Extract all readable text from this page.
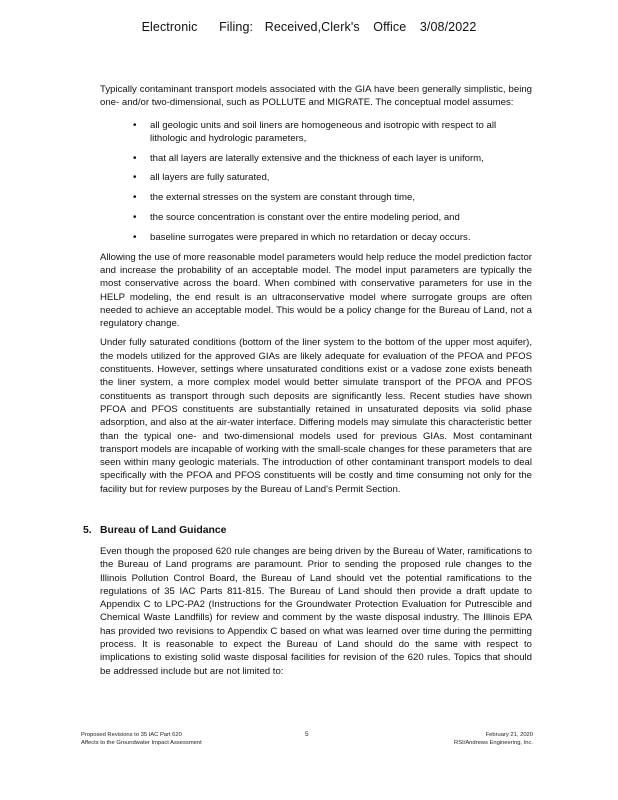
Electronic Filing: Received,Clerk's Office 3/08/2022

Typically contaminant transport models associated with the GIA have been generally simplistic, being one- and/or two-dimensional, such as POLLUTE and MIGRATE. The conceptual model assumes:

• all geologic units and soil liners are homogeneous and isotropic with respect to all lithologic and hydrologic parameters,
• that all layers are laterally extensive and the thickness of each layer is uniform,
• all layers are fully saturated,
• the external stresses on the system are constant through time,
• the source concentration is constant over the entire modeling period, and
• baseline surrogates were prepared in which no retardation or decay occurs.

Allowing the use of more reasonable model parameters would help reduce the model prediction factor and increase the probability of an acceptable model. The model input parameters are typically the most conservative across the board. When combined with conservative parameters for use in the HELP modeling, the end result is an ultraconservative model where surrogate groups are often needed to achieve an acceptable model. This would be a policy change for the Bureau of Land, not a regulatory change.

Under fully saturated conditions (bottom of the liner system to the bottom of the upper most aquifer), the models utilized for the approved GIAs are likely adequate for evaluation of the PFOA and PFOS constituents. However, settings where unsaturated conditions exist or a vadose zone exists beneath the liner system, a more complex model would better simulate transport of the PFOA and PFOS constituents as transport through such deposits are significantly less. Recent studies have shown PFOA and PFOS constituents are substantially retained in unsaturated deposits via solid phase adsorption, and also at the air-water interface. Differing models may simulate this characteristic better than the typical one- and two-dimensional models used for previous GIAs. Most contaminant transport models are incapable of working with the small-scale changes for these parameters that are seen within many geologic materials. The introduction of other contaminant transport models to deal specifically with the PFOA and PFOS constituents will be costly and time consuming not only for the facility but for review purposes by the Bureau of Land's Permit Section.

5. Bureau of Land Guidance

Even though the proposed 620 rule changes are being driven by the Bureau of Water, ramifications to the Bureau of Land programs are paramount. Prior to sending the proposed rule changes to the Illinois Pollution Control Board, the Bureau of Land should vet the potential ramifications to the regulations of 35 IAC Parts 811-815. The Bureau of Land should then provide a draft update to Appendix C to LPC-PA2 (Instructions for the Groundwater Protection Evaluation for Putrescible and Chemical Waste Landfills) for review and comment by the waste disposal industry. The Illinois EPA has provided two revisions to Appendix C based on what was learned over time during the permitting process. It is reasonable to expect the Bureau of Land should do the same with respect to implications to existing solid waste disposal facilities for revision of the 620 rules. Topics that should be addressed include but are not limited to:

Proposed Revisions to 35 IAC Part 620
Affects to the Groundwater Impact Assessment
5	February 21, 2020
RSI/Andrews Engineering, Inc.
